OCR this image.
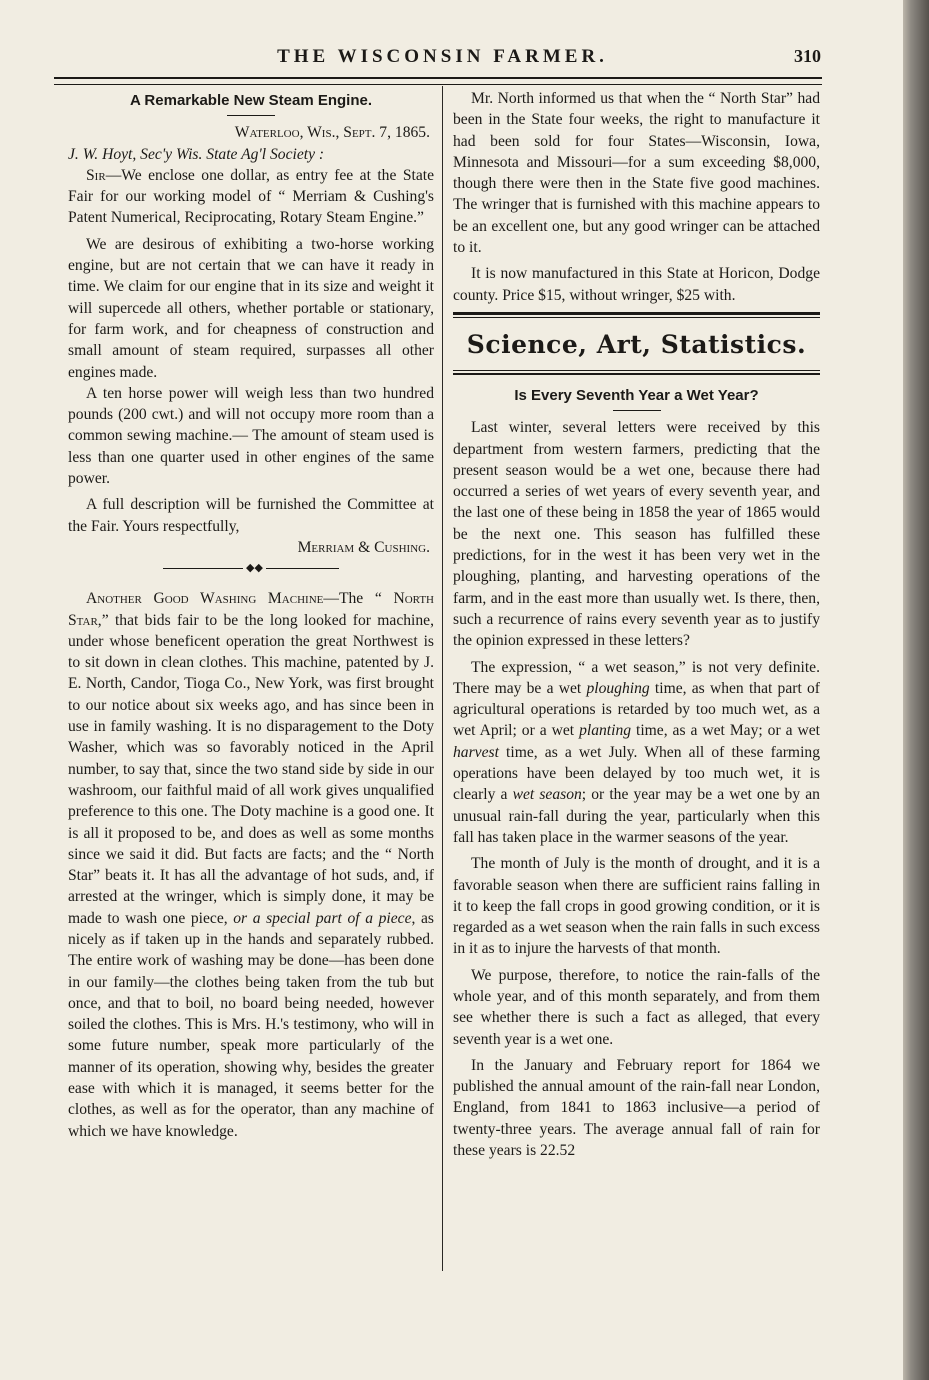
THE WISCONSIN FARMER.	310
A Remarkable New Steam Engine.

Waterloo, Wis., Sept. 7, 1865.

J. W. Hoyt, Sec'y Wis. State Ag'l Society :

Sir—We enclose one dollar, as entry fee at the State Fair for our working model of “ Merriam & Cushing's Patent Numerical, Reciprocating, Rotary Steam Engine.”

We are desirous of exhibiting a two-horse working engine, but are not certain that we can have it ready in time. We claim for our engine that in its size and weight it will supercede all others, whether portable or stationary, for farm work, and for cheapness of construction and small amount of steam required, surpasses all other engines made.

A ten horse power will weigh less than two hundred pounds (200 cwt.) and will not occupy more room than a common sewing machine.— The amount of steam used is less than one quarter used in other engines of the same power.

A full description will be furnished the Committee at the Fair. Yours respectfully,

Merriam & Cushing.

◆◆

Another Good Washing Machine—The “ North Star,” that bids fair to be the long looked for machine, under whose beneficent operation the great Northwest is to sit down in clean clothes. This machine, patented by J. E. North, Candor, Tioga Co., New York, was first brought to our notice about six weeks ago, and has since been in use in family washing. It is no disparagement to the Doty Washer, which was so favorably noticed in the April number, to say that, since the two stand side by side in our washroom, our faithful maid of all work gives unqualified preference to this one. The Doty machine is a good one. It is all it proposed to be, and does as well as some months since we said it did. But facts are facts; and the “ North Star” beats it. It has all the advantage of hot suds, and, if arrested at the wringer, which is simply done, it may be made to wash one piece, or a special part of a piece, as nicely as if taken up in the hands and separately rubbed. The entire work of washing may be done—has been done in our family—the clothes being taken from the tub but once, and that to boil, no board being needed, however soiled the clothes. This is Mrs. H.'s testimony, who will in some future number, speak more particularly of the manner of its operation, showing why, besides the greater ease with which it is managed, it seems better for the clothes, as well as for the operator, than any machine of which we have knowledge.

Mr. North informed us that when the “ North Star” had been in the State four weeks, the right to manufacture it had been sold for four States—Wisconsin, Iowa, Minnesota and Missouri—for a sum exceeding $8,000, though there were then in the State five good machines. The wringer that is furnished with this machine appears to be an excellent one, but any good wringer can be attached to it.

It is now manufactured in this State at Horicon, Dodge county. Price $15, without wringer, $25 with.

Science, Art, Statistics.
Is Every Seventh Year a Wet Year?

Last winter, several letters were received by this department from western farmers, predicting that the present season would be a wet one, because there had occurred a series of wet years of every seventh year, and the last one of these being in 1858 the year of 1865 would be the next one. This season has fulfilled these predictions, for in the west it has been very wet in the ploughing, planting, and harvesting operations of the farm, and in the east more than usually wet. Is there, then, such a recurrence of rains every seventh year as to justify the opinion expressed in these letters?

The expression, “ a wet season,” is not very definite. There may be a wet ploughing time, as when that part of agricultural operations is retarded by too much wet, as a wet April; or a wet planting time, as a wet May; or a wet harvest time, as a wet July. When all of these farming operations have been delayed by too much wet, it is clearly a wet season; or the year may be a wet one by an unusual rain-fall during the year, particularly when this fall has taken place in the warmer seasons of the year.

The month of July is the month of drought, and it is a favorable season when there are sufficient rains falling in it to keep the fall crops in good growing condition, or it is regarded as a wet season when the rain falls in such excess in it as to injure the harvests of that month.

We purpose, therefore, to notice the rain-falls of the whole year, and of this month separately, and from them see whether there is such a fact as alleged, that every seventh year is a wet one.

In the January and February report for 1864 we published the annual amount of the rain-fall near London, England, from 1841 to 1863 inclusive—a period of twenty-three years. The average annual fall of rain for these years is 22.52
